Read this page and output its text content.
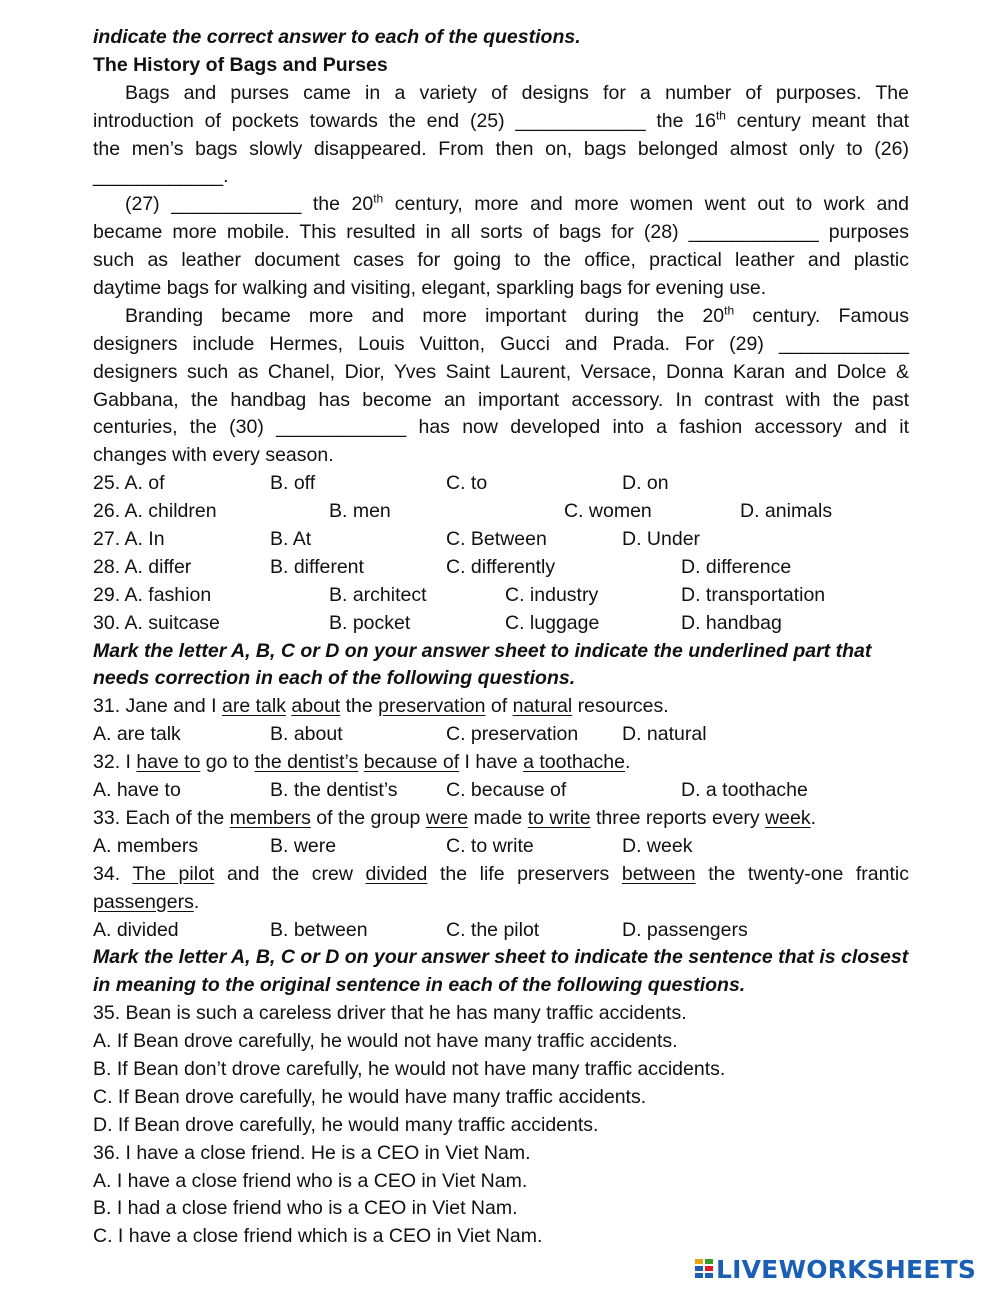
indicate the correct answer to each of the questions.
The History of Bags and Purses
Bags and purses came in a variety of designs for a number of purposes. The
introduction of pockets towards the end (25) ____________ the 16th century meant that
the men’s bags slowly disappeared. From then on, bags belonged almost only to (26)
____________.
(27) ____________ the 20th century, more and more women went out to work and
became more mobile. This resulted in all sorts of bags for (28) ____________ purposes
such as leather document cases for going to the office, practical leather and plastic
daytime bags for walking and visiting, elegant, sparkling bags for evening use.
Branding became more and more important during the 20th century. Famous
designers include Hermes, Louis Vuitton, Gucci and Prada. For (29) ____________
designers such as Chanel, Dior, Yves Saint Laurent, Versace, Donna Karan and Dolce &
Gabbana, the handbag has become an important accessory. In contrast with the past
centuries, the (30) ____________ has now developed into a fashion accessory and it
changes with every season.
25. A. of	B. off	C. to	D. on
26. A. children	B. men	C. women	D. animals
27. A. In	B. At	C. Between	D. Under
28. A. differ	B. different	C. differently	D. difference
29. A. fashion	B. architect	C. industry	D. transportation
30. A. suitcase	B. pocket	C. luggage	D. handbag
Mark the letter A, B, C or D on your answer sheet to indicate the underlined part that
needs correction in each of the following questions.
31. Jane and I are talk about the preservation of natural resources.
A. are talk	B. about	C. preservation D. natural
32. I have to go to the dentist’s because of I have a toothache.
A. have to	B. the dentist’s C. because of	D. a toothache
33. Each of the members of the group were made to write three reports every week.
A. members	B. were	C. to write	D. week
34. The pilot and the crew divided the life preservers between the twenty-one frantic
passengers.
A. divided	B. between	C. the pilot	D. passengers
Mark the letter A, B, C or D on your answer sheet to indicate the sentence that is closest
in meaning to the original sentence in each of the following questions.
35. Bean is such a careless driver that he has many traffic accidents.
A. If Bean drove carefully, he would not have many traffic accidents.
B. If Bean don’t drove carefully, he would not have many traffic accidents.
C. If Bean drove carefully, he would have many traffic accidents.
D. If Bean drove carefully, he would many traffic accidents.
36. I have a close friend. He is a CEO in Viet Nam.
A. I have a close friend who is a CEO in Viet Nam.
B. I had a close friend who is a CEO in Viet Nam.
C. I have a close friend which is a CEO in Viet Nam.
LIVEWORKSHEETS
